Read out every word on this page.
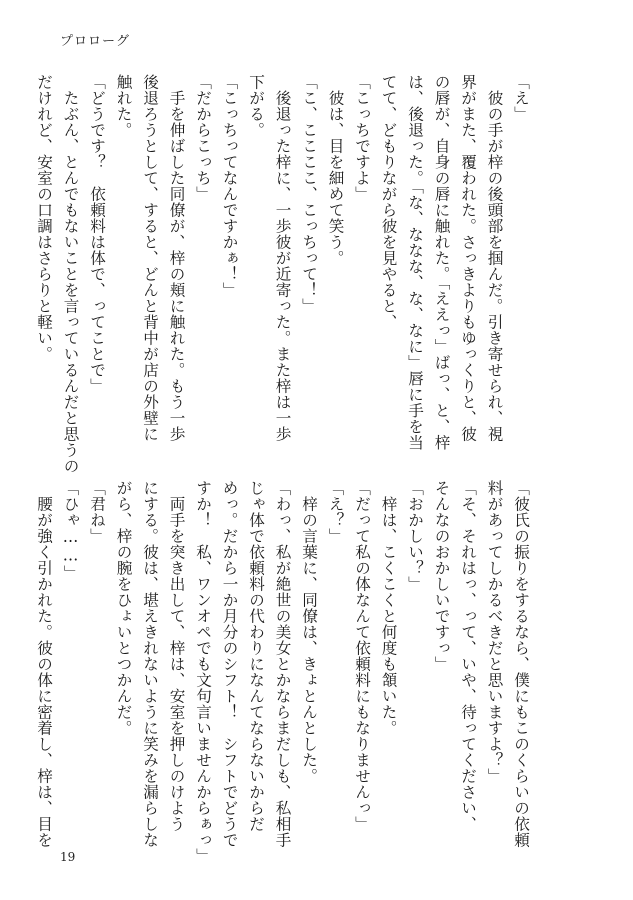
プロローグ
「え」
　彼の手が梓の後頭部を掴んだ。引き寄せられ、視
界がまた、覆われた。さっきよりもゆっくりと、彼
の唇が、自身の唇に触れた。「ええっ」ばっ、と、梓
は、後退った。「な、ななな、な、なに」唇に手を当
てて、どもりながら彼を見やると、
「こっちですよ」
　彼は、目を細めて笑う。
「こ、ここここ、こっちって！」
　後退った梓に、一歩彼が近寄った。また梓は一歩
下がる。
「こっちってなんですかぁ！」
「だからこっち」
　手を伸ばした同僚が、梓の頬に触れた。もう一歩
後退ろうとして、すると、どんと背中が店の外壁に
触れた。
「どうです？　依頼料は体で、ってことで」
　たぶん、とんでもないことを言っているんだと思うの
だけれど、安室の口調はさらりと軽い。
「彼氏の振りをするなら、僕にもこのくらいの依頼
料があってしかるべきだと思いますよ？」
「そ、それはっ、って、いや、待ってください、
そんなのおかしいですっ」
「おかしい？」
　梓は、こくこくと何度も頷いた。
「だって私の体なんて依頼料にもなりませんっ」
「え？」
　梓の言葉に、同僚は、きょとんとした。
「わっ、私が絶世の美女とかならまだしも、私相手
じゃ体で依頼料の代わりになんてならないからだ
めっ。だから一か月分のシフト！　シフトでどうで
すか！　私、ワンオペでも文句言いませんからぁっ」
　両手を突き出して、梓は、安室を押しのけよう
にする。彼は、堪えきれないように笑みを漏らしな
がら、梓の腕をひょいとつかんだ。
「君ね」
「ひゃ……」
　腰が強く引かれた。彼の体に密着し、梓は、目を
19
